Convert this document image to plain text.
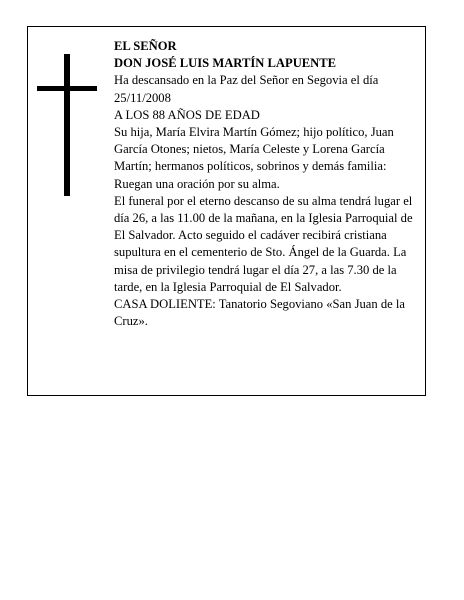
EL SEÑOR

DON JOSÉ LUIS MARTÍN LAPUENTE

Ha descansado en la Paz del Señor en Segovia el día 25/11/2008

A LOS 88 AÑOS DE EDAD

Su hija, María Elvira Martín Gómez; hijo político, Juan García Otones; nietos, María Celeste y Lorena García Martín; hermanos políticos, sobrinos y demás familia:

Ruegan una oración por su alma.

El funeral por el eterno descanso de su alma tendrá lugar el día 26, a las 11.00 de la mañana, en la Iglesia Parroquial de El Salvador. Acto seguido el cadáver recibirá cristiana supultura en el cementerio de Sto. Ángel de la Guarda. La misa de privilegio tendrá lugar el día 27, a las 7.30 de la tarde, en la Iglesia Parroquial de El Salvador.

CASA DOLIENTE: Tanatorio Segoviano «San Juan de la Cruz».
